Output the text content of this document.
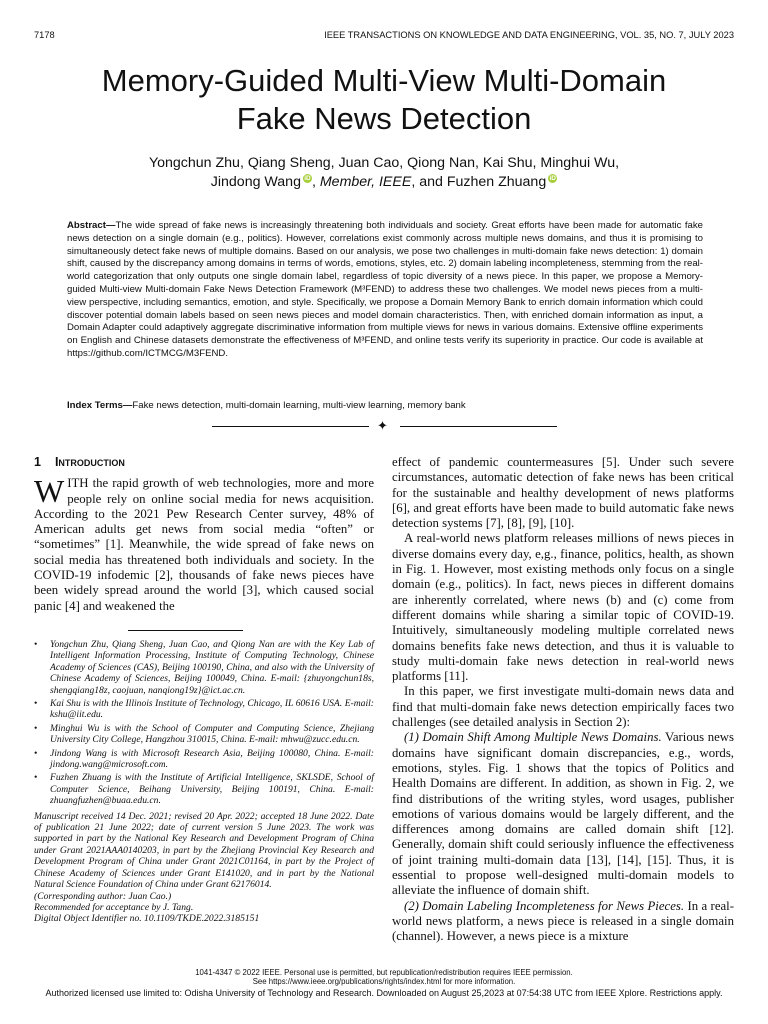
7178	IEEE TRANSACTIONS ON KNOWLEDGE AND DATA ENGINEERING, VOL. 35, NO. 7, JULY 2023
Memory-Guided Multi-View Multi-Domain
Fake News Detection
Yongchun Zhu, Qiang Sheng, Juan Cao, Qiong Nan, Kai Shu, Minghui Wu,
Jindong Wang iD, Member, IEEE, and Fuzhen Zhuang iD
Abstract—The wide spread of fake news is increasingly threatening both individuals and society. Great efforts have been made for automatic fake news detection on a single domain (e.g., politics). However, correlations exist commonly across multiple news domains, and thus it is promising to simultaneously detect fake news of multiple domains. Based on our analysis, we pose two challenges in multi-domain fake news detection: 1) domain shift, caused by the discrepancy among domains in terms of words, emotions, styles, etc. 2) domain labeling incompleteness, stemming from the real-world categorization that only outputs one single domain label, regardless of topic diversity of a news piece. In this paper, we propose a Memory-guided Multi-view Multi-domain Fake News Detection Framework (M³FEND) to address these two challenges. We model news pieces from a multi-view perspective, including semantics, emotion, and style. Specifically, we propose a Domain Memory Bank to enrich domain information which could discover potential domain labels based on seen news pieces and model domain characteristics. Then, with enriched domain information as input, a Domain Adapter could adaptively aggregate discriminative information from multiple views for news in various domains. Extensive offline experiments on English and Chinese datasets demonstrate the effectiveness of M³FEND, and online tests verify its superiority in practice. Our code is available at https://github.com/ICTMCG/M3FEND.
Index Terms—Fake news detection, multi-domain learning, multi-view learning, memory bank
✦
1 Introduction

WITH the rapid growth of web technologies, more and more people rely on online social media for news acquisition. According to the 2021 Pew Research Center survey, 48% of American adults get news from social media “often” or “sometimes” [1]. Meanwhile, the wide spread of fake news on social media has threatened both individuals and society. In the COVID-19 infodemic [2], thousands of fake news pieces have been widely spread around the world [3], which caused social panic [4] and weakened the

• Yongchun Zhu, Qiang Sheng, Juan Cao, and Qiong Nan are with the Key Lab of Intelligent Information Processing, Institute of Computing Technology, Chinese Academy of Sciences (CAS), Beijing 100190, China, and also with the University of Chinese Academy of Sciences, Beijing 100049, China. E-mail: {zhuyongchun18s, shengqiang18z, caojuan, nanqiong19z}@ict.ac.cn.
• Kai Shu is with the Illinois Institute of Technology, Chicago, IL 60616 USA. E-mail: kshu@iit.edu.
• Minghui Wu is with the School of Computer and Computing Science, Zhejiang University City College, Hangzhou 310015, China. E-mail: mhwu@zucc.edu.cn.
• Jindong Wang is with Microsoft Research Asia, Beijing 100080, China. E-mail: jindong.wang@microsoft.com.
• Fuzhen Zhuang is with the Institute of Artificial Intelligence, SKLSDE, School of Computer Science, Beihang University, Beijing 100191, China. E-mail: zhuangfuzhen@buaa.edu.cn.
Manuscript received 14 Dec. 2021; revised 20 Apr. 2022; accepted 18 June 2022. Date of publication 21 June 2022; date of current version 5 June 2023. The work was supported in part by the National Key Research and Development Program of China under Grant 2021AAA0140203, in part by the Zhejiang Provincial Key Research and Development Program of China under Grant 2021C01164, in part by the Project of Chinese Academy of Sciences under Grant E141020, and in part by the National Natural Science Foundation of China under Grant 62176014.
(Corresponding author: Juan Cao.)
Recommended for acceptance by J. Tang.
Digital Object Identifier no. 10.1109/TKDE.2022.3185151

effect of pandemic countermeasures [5]. Under such severe circumstances, automatic detection of fake news has been critical for the sustainable and healthy development of news platforms [6], and great efforts have been made to build automatic fake news detection systems [7], [8], [9], [10].

A real-world news platform releases millions of news pieces in diverse domains every day, e,g., finance, politics, health, as shown in Fig. 1. However, most existing methods only focus on a single domain (e.g., politics). In fact, news pieces in different domains are inherently correlated, where news (b) and (c) come from different domains while sharing a similar topic of COVID-19. Intuitively, simultaneously modeling multiple correlated news domains benefits fake news detection, and thus it is valuable to study multi-domain fake news detection in real-world news platforms [11].

In this paper, we first investigate multi-domain news data and find that multi-domain fake news detection empirically faces two challenges (see detailed analysis in Section 2):

(1) Domain Shift Among Multiple News Domains. Various news domains have significant domain discrepancies, e.g., words, emotions, styles. Fig. 1 shows that the topics of Politics and Health Domains are different. In addition, as shown in Fig. 2, we find distributions of the writing styles, word usages, publisher emotions of various domains would be largely different, and the differences among domains are called domain shift [12]. Generally, domain shift could seriously influence the effectiveness of joint training multi-domain data [13], [14], [15]. Thus, it is essential to propose well-designed multi-domain models to alleviate the influence of domain shift.

(2) Domain Labeling Incompleteness for News Pieces. In a real-world news platform, a news piece is released in a single domain (channel). However, a news piece is a mixture

1041-4347 © 2022 IEEE. Personal use is permitted, but republication/redistribution requires IEEE permission.
See https://www.ieee.org/publications/rights/index.html for more information.
Authorized licensed use limited to: Odisha University of Technology and Research. Downloaded on August 25,2023 at 07:54:38 UTC from IEEE Xplore. Restrictions apply.
